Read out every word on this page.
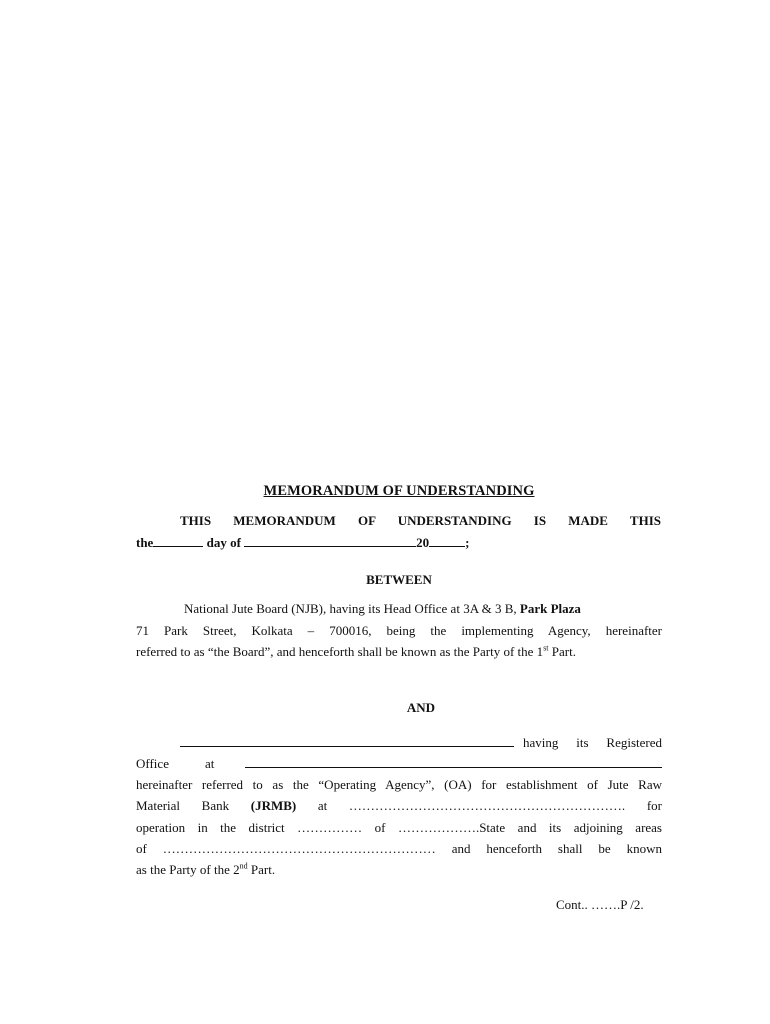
MEMORANDUM OF UNDERSTANDING
THIS MEMORANDUM OF UNDERSTANDING IS MADE THIS
the	day of	20	;
BETWEEN
National Jute Board (NJB), having its Head Office at 3A & 3 B, Park Plaza
71 Park Street, Kolkata – 700016, being the implementing Agency, hereinafter
referred to as “the Board”, and henceforth shall be known as the Party of the 1st Part.
AND
having its Registered
Office	at
hereinafter referred to as the “Operating Agency”, (OA) for establishment of Jute Raw
Material Bank (JRMB) at ………………………………………………………. for
operation in the district …………… of ……………….State and its adjoining areas
of ……………………………………………………… and henceforth shall be known
as the Party of the 2nd Part.
Cont.. …….P /2.
